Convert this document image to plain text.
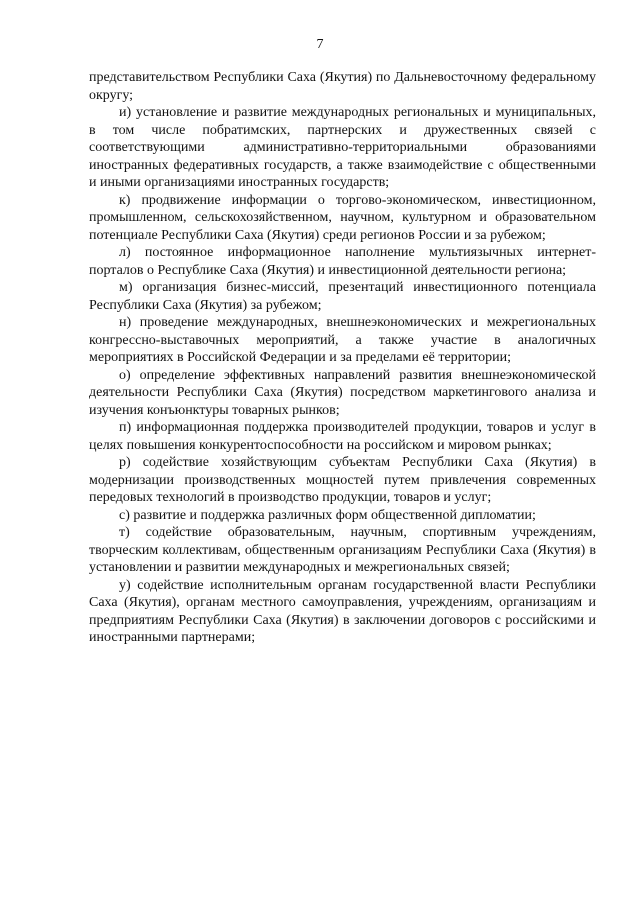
7

представительством Республики Саха (Якутия) по Дальневосточному федеральному округу;

и) установление и развитие международных региональных и муниципальных, в том числе побратимских, партнерских и дружественных связей с соответствующими административно-территориальными образованиями иностранных федеративных государств, а также взаимодействие с общественными и иными организациями иностранных государств;

к) продвижение информации о торгово-экономическом, инвестиционном, промышленном, сельскохозяйственном, научном, культурном и образовательном потенциале Республики Саха (Якутия) среди регионов России и за рубежом;

л) постоянное информационное наполнение мультиязычных интернет-порталов о Республике Саха (Якутия) и инвестиционной деятельности региона;

м) организация бизнес-миссий, презентаций инвестиционного потенциала Республики Саха (Якутия) за рубежом;

н) проведение международных, внешнеэкономических и межрегиональных конгрессно-выставочных мероприятий, а также участие в аналогичных мероприятиях в Российской Федерации и за пределами её территории;

о) определение эффективных направлений развития внешнеэкономической деятельности Республики Саха (Якутия) посредством маркетингового анализа и изучения конъюнктуры товарных рынков;

п) информационная поддержка производителей продукции, товаров и услуг в целях повышения конкурентоспособности на российском и мировом рынках;

р) содействие хозяйствующим субъектам Республики Саха (Якутия) в модернизации производственных мощностей путем привлечения современных передовых технологий в производство продукции, товаров и услуг;

с) развитие и поддержка различных форм общественной дипломатии;

т) содействие образовательным, научным, спортивным учреждениям, творческим коллективам, общественным организациям Республики Саха (Якутия) в установлении и развитии международных и межрегиональных связей;

у) содействие исполнительным органам государственной власти Республики Саха (Якутия), органам местного самоуправления, учреждениям, организациям и предприятиям Республики Саха (Якутия) в заключении договоров с российскими и иностранными партнерами;
